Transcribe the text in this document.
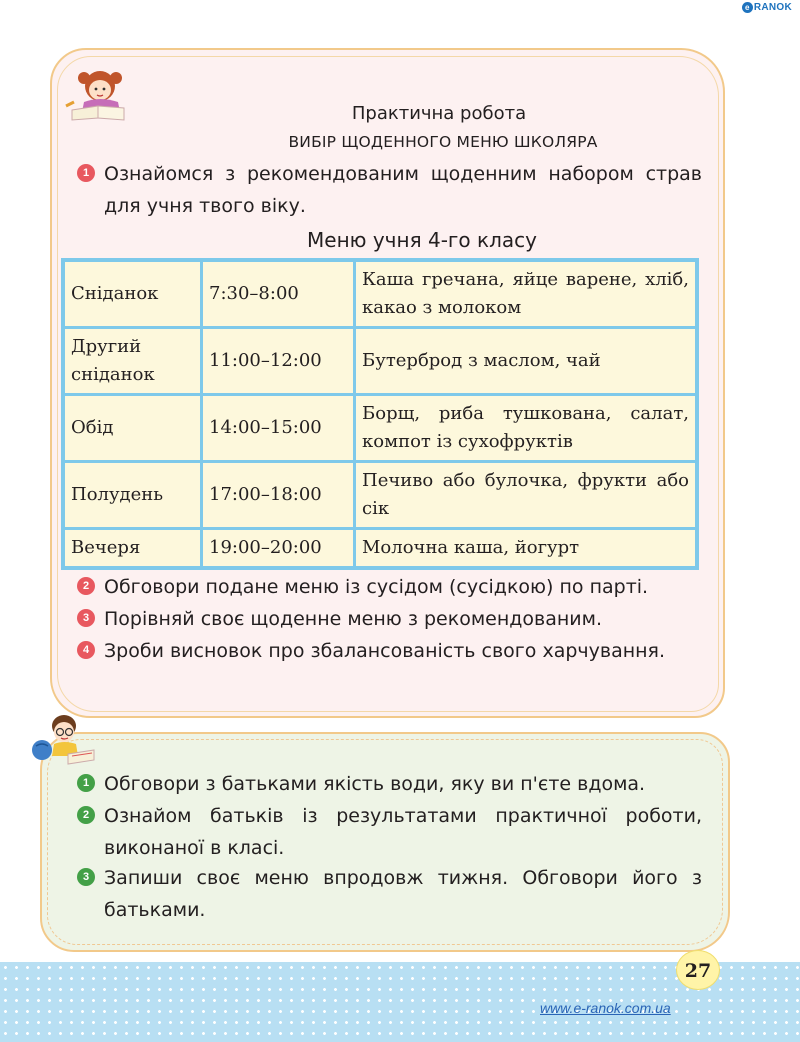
e RANOK
Практична робота
ВИБІР ЩОДЕННОГО МЕНЮ ШКОЛЯРА
1 Ознайомся з рекомендованим щоденним набором страв для учня твого віку.
Меню учня 4-го класу
Сніданок	7:30–8:00	Каша гречана, яйце варене, хліб, какао з молоком
Другий сніданок	11:00–12:00	Бутерброд з маслом, чай
Обід	14:00–15:00	Борщ, риба тушкована, салат, компот із сухофруктів
Полудень	17:00–18:00	Печиво або булочка, фрукти або сік
Вечеря	19:00–20:00	Молочна каша, йогурт
2 Обговори подане меню із сусідом (сусідкою) по парті.
3 Порівняй своє щоденне меню з рекомендованим.
4 Зроби висновок про збалансованість свого харчування.
1 Обговори з батьками якість води, яку ви п'єте вдома.
2 Ознайом батьків із результатами практичної роботи, виконаної в класі.
3 Запиши своє меню впродовж тижня. Обговори його з батьками.
27
www.e-ranok.com.ua
